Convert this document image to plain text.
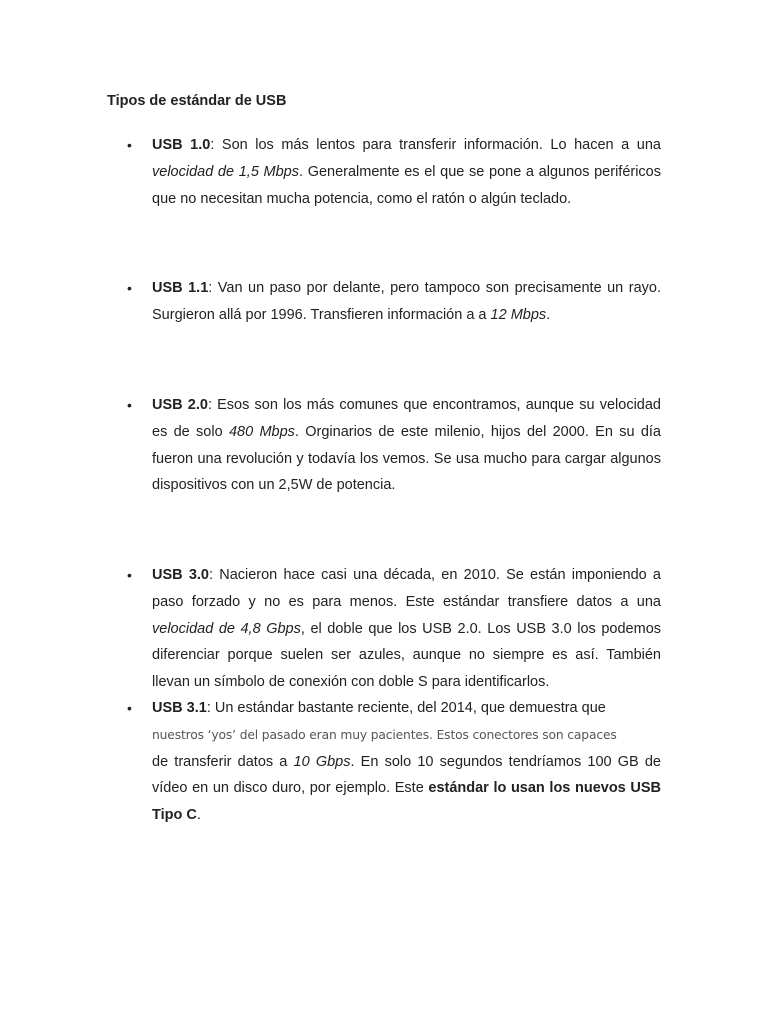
Tipos de estándar de USB
• USB 1.0: Son los más lentos para transferir información. Lo hacen a una velocidad de 1,5 Mbps. Generalmente es el que se pone a algunos periféricos que no necesitan mucha potencia, como el ratón o algún teclado.
• USB 1.1: Van un paso por delante, pero tampoco son precisamente un rayo. Surgieron allá por 1996. Transfieren información a a 12 Mbps.
• USB 2.0: Esos son los más comunes que encontramos, aunque su velocidad es de solo 480 Mbps. Orginarios de este milenio, hijos del 2000. En su día fueron una revolución y todavía los vemos. Se usa mucho para cargar algunos dispositivos con un 2,5W de potencia.
• USB 3.0: Nacieron hace casi una década, en 2010. Se están imponiendo a paso forzado y no es para menos. Este estándar transfiere datos a una velocidad de 4,8 Gbps, el doble que los USB 2.0. Los USB 3.0 los podemos diferenciar porque suelen ser azules, aunque no siempre es así. También llevan un símbolo de conexión con doble S para identificarlos.
• USB 3.1: Un estándar bastante reciente, del 2014, que demuestra que
nuestros ‘yos’ del pasado eran muy pacientes. Estos conectores son capaces
de transferir datos a 10 Gbps. En solo 10 segundos tendríamos 100 GB de vídeo en un disco duro, por ejemplo. Este estándar lo usan los nuevos USB Tipo C.
